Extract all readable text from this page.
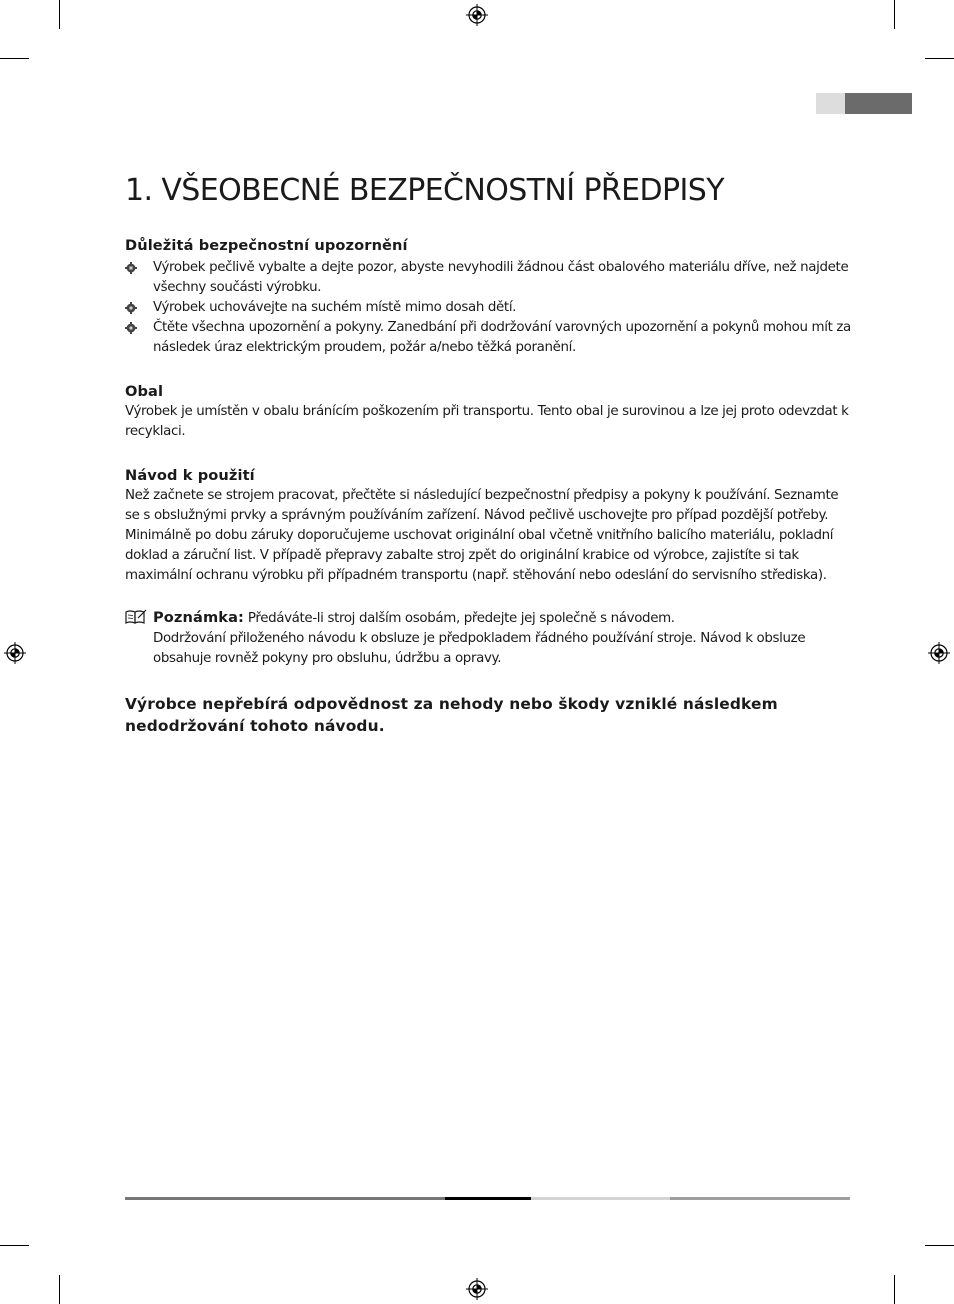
1. VŠEOBECNÉ BEZPEČNOSTNÍ PŘEDPISY

Důležitá bezpečnostní upozornění

Výrobek pečlivě vybalte a dejte pozor, abyste nevyhodili žádnou část obalového materiálu dříve, než najdete všechny součásti výrobku.
Výrobek uchovávejte na suchém místě mimo dosah dětí.
Čtěte všechna upozornění a pokyny. Zanedbání při dodržování varovných upozornění a pokynů mohou mít za následek úraz elektrickým proudem, požár a/nebo těžká poranění.

Obal

Výrobek je umístěn v obalu bránícím poškozením při transportu. Tento obal je surovinou a lze jej proto odevzdat k recyklaci.

Návod k použití

Než začnete se strojem pracovat, přečtěte si následující bezpečnostní předpisy a pokyny k používání. Seznamte se s obslužnými prvky a správným používáním zařízení. Návod pečlivě uschovejte pro případ pozdější potřeby. Minimálně po dobu záruky doporučujeme uschovat originální obal včetně vnitřního balicího materiálu, pokladní doklad a záruční list. V případě přepravy zabalte stroj zpět do originální krabice od výrobce, zajistíte si tak maximální ochranu výrobku při případném transportu (např. stěhování nebo odeslání do servisního střediska).

Poznámka: Předáváte-li stroj dalším osobám, předejte jej společně s návodem.
Dodržování přiloženého návodu k obsluze je předpokladem řádného používání stroje. Návod k obsluze obsahuje rovněž pokyny pro obsluhu, údržbu a opravy.

Výrobce nepřebírá odpovědnost za nehody nebo škody vzniklé následkem nedodržování tohoto návodu.
